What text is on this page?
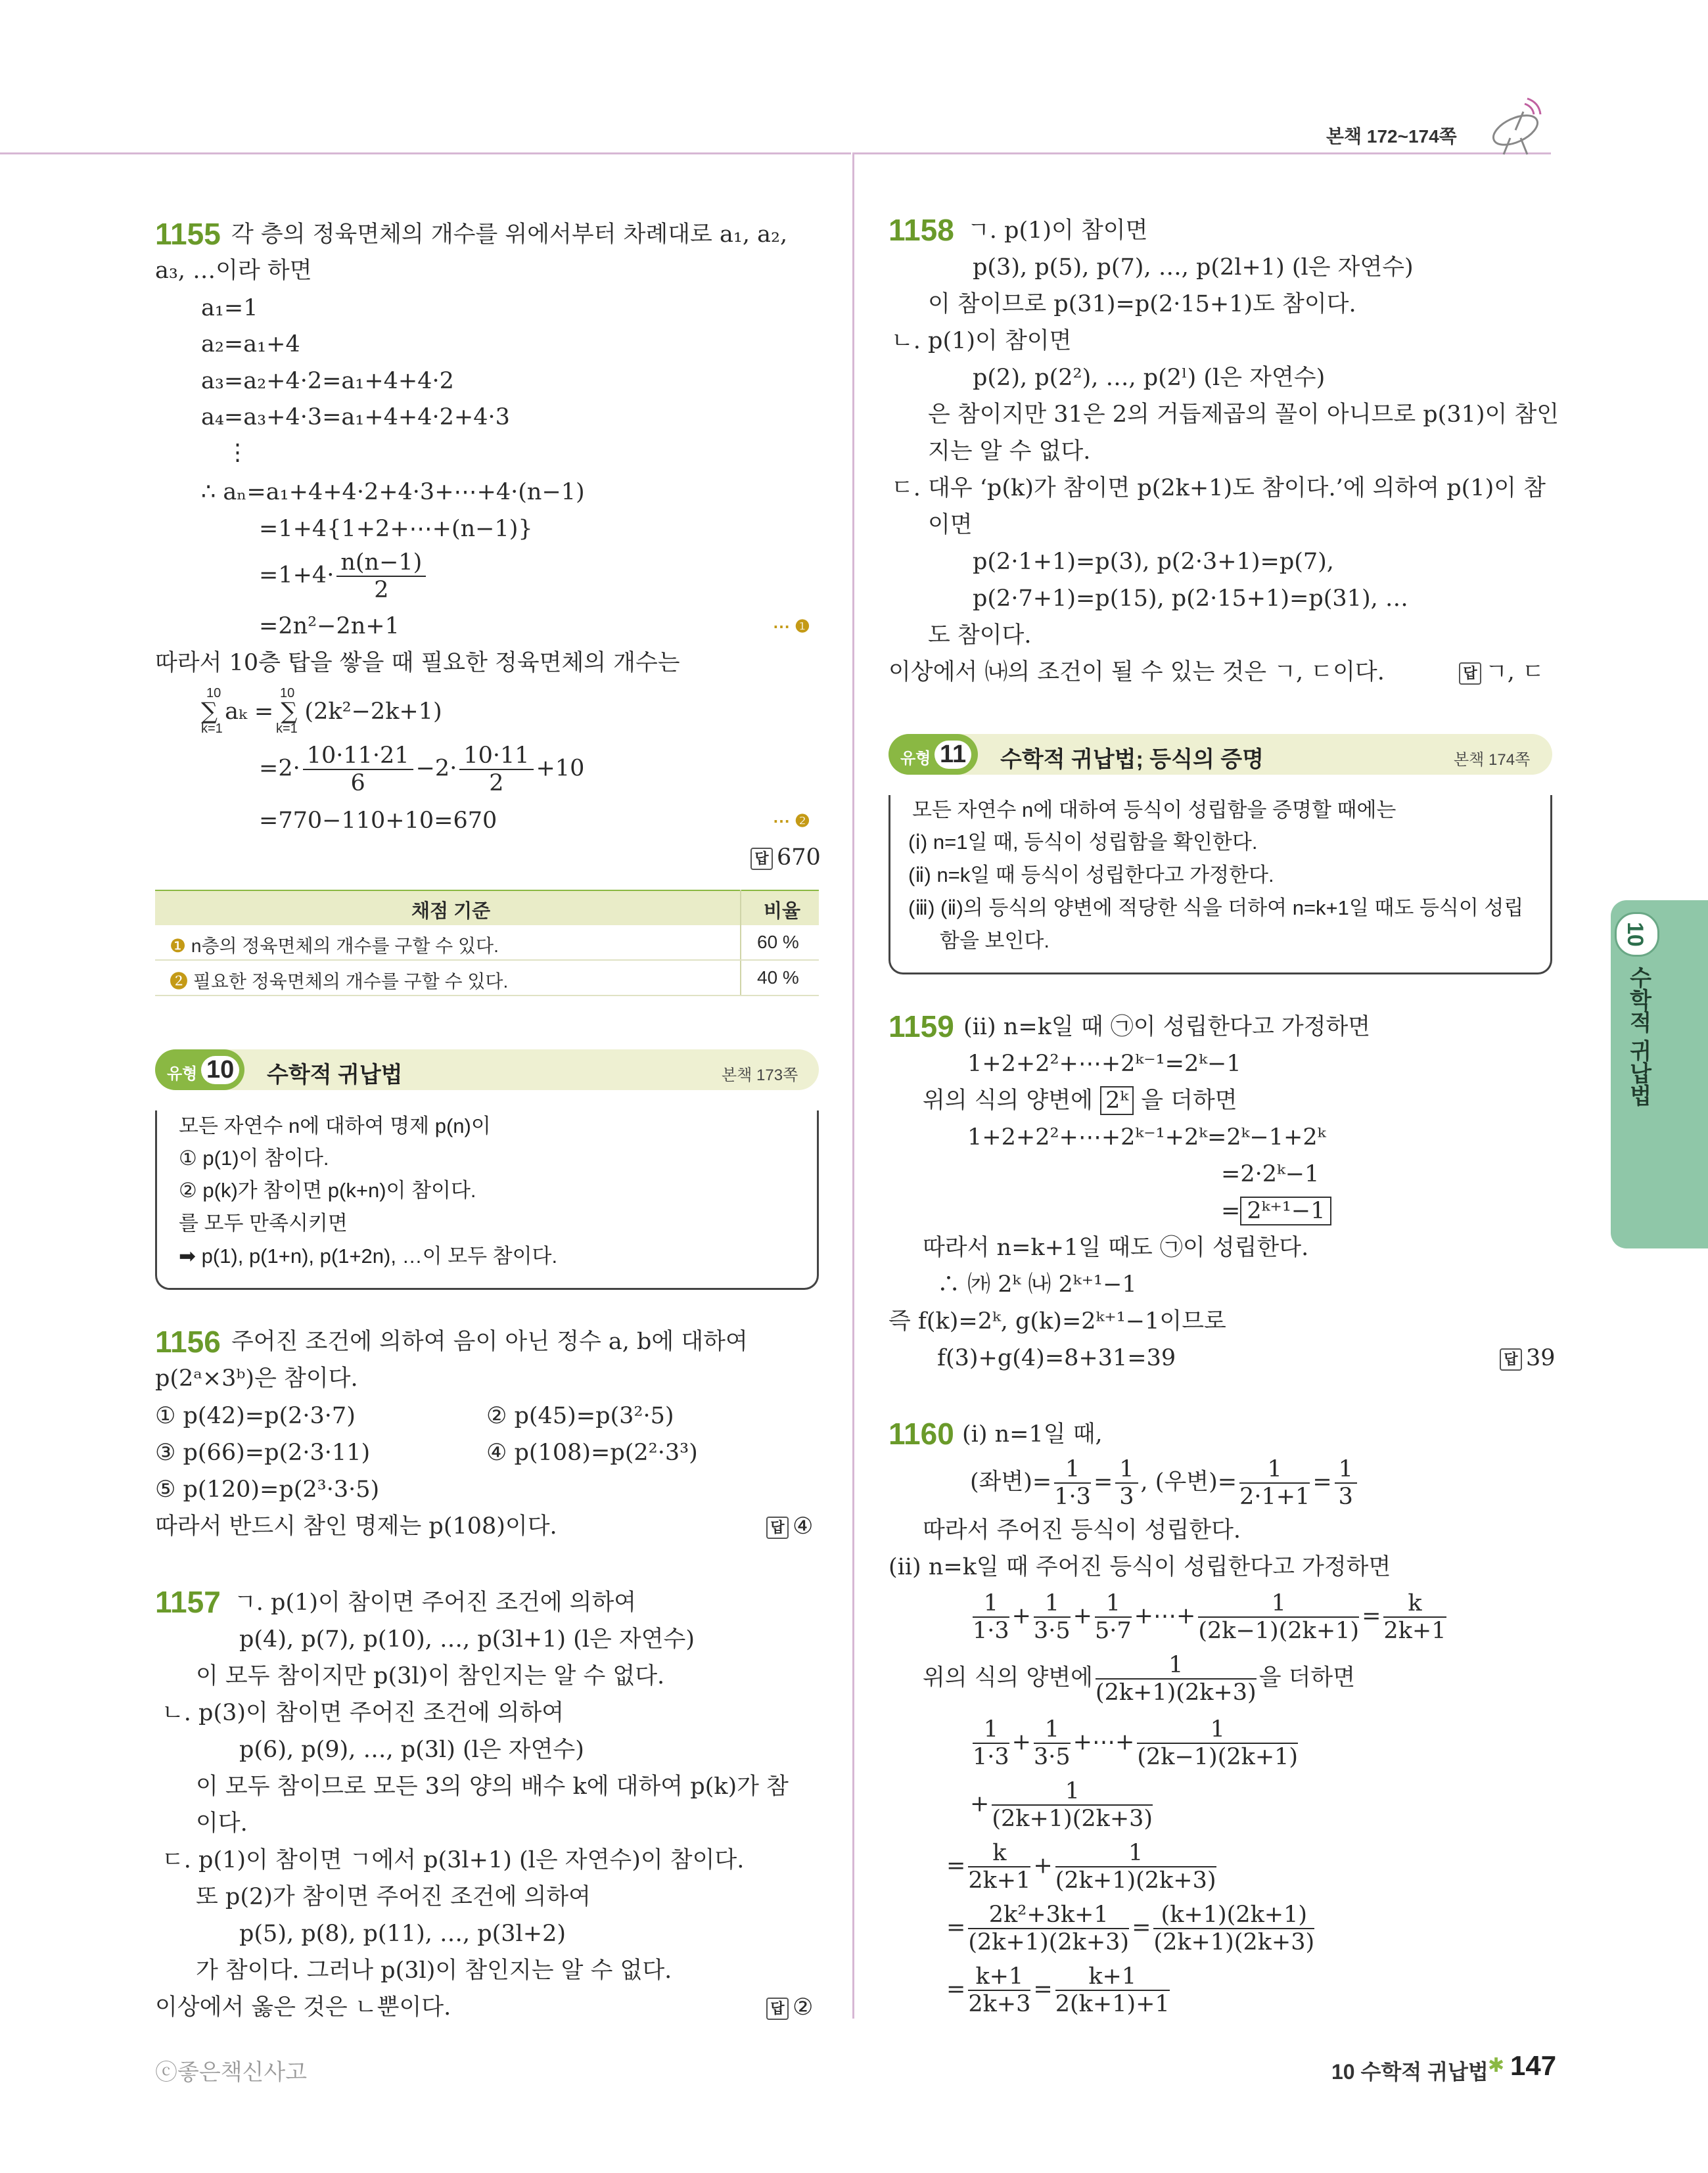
본책 172~174쪽
10
수학적 귀납법
1155 각 층의 정육면체의 개수를 위에서부터 차례대로 a₁, a₂,
a₃, …이라 하면
a₁=1
a₂=a₁+4
a₃=a₂+4·2=a₁+4+4·2
a₄=a₃+4·3=a₁+4+4·2+4·3
⋮
∴ aₙ=a₁+4+4·2+4·3+⋯+4·(n−1)
=1+4{1+2+⋯+(n−1)}
$=1+4\cdot \frac{n(n-1)}{2}$
=2n²−2n+1	⋯ ❶
따라서 10층 탑을 쌓을 때 필요한 정육면체의 개수는
10	10
∑ aₖ = ∑ (2k²−2k+1)
k=1	k=1
$=2\cdot \frac{10\cdot 11\cdot 21}{6} -2\cdot \frac{10\cdot 11}{2} +10$
=770−110+10=670	⋯ ❷
답 670
채점 기준	비율
❶ n층의 정육면체의 개수를 구할 수 있다.	60 %
❷ 필요한 정육면체의 개수를 구할 수 있다.	40 %
유형 10 수학적 귀납법	본책 173쪽
모든 자연수 n에 대하여 명제 p(n)이
① p(1)이 참이다.
② p(k)가 참이면 p(k+n)이 참이다.
를 모두 만족시키면
➡ p(1), p(1+n), p(1+2n), …이 모두 참이다.
1156 주어진 조건에 의하여 음이 아닌 정수 a, b에 대하여
p(2ᵃ×3ᵇ)은 참이다.
① p(42)=p(2·3·7)	② p(45)=p(3²·5)
③ p(66)=p(2·3·11)	④ p(108)=p(2²·3³)
⑤ p(120)=p(2³·3·5)
따라서 반드시 참인 명제는 p(108)이다.	답 ④
1157 ㄱ. p(1)이 참이면 주어진 조건에 의하여
p(4), p(7), p(10), …, p(3l+1) (l은 자연수)
이 모두 참이지만 p(3l)이 참인지는 알 수 없다.
ㄴ. p(3)이 참이면 주어진 조건에 의하여
p(6), p(9), …, p(3l) (l은 자연수)
이 모두 참이므로 모든 3의 양의 배수 k에 대하여 p(k)가 참
이다.
ㄷ. p(1)이 참이면 ㄱ에서 p(3l+1) (l은 자연수)이 참이다.
또 p(2)가 참이면 주어진 조건에 의하여
p(5), p(8), p(11), …, p(3l+2)
가 참이다. 그러나 p(3l)이 참인지는 알 수 없다.
이상에서 옳은 것은 ㄴ뿐이다.	답 ②
1158 ㄱ. p(1)이 참이면
p(3), p(5), p(7), …, p(2l+1) (l은 자연수)
이 참이므로 p(31)=p(2·15+1)도 참이다.
ㄴ. p(1)이 참이면
p(2), p(2²), …, p(2ˡ) (l은 자연수)
은 참이지만 31은 2의 거듭제곱의 꼴이 아니므로 p(31)이 참인
지는 알 수 없다.
ㄷ. 대우 ‘p(k)가 참이면 p(2k+1)도 참이다.’에 의하여 p(1)이 참
이면
p(2·1+1)=p(3), p(2·3+1)=p(7),
p(2·7+1)=p(15), p(2·15+1)=p(31), …
도 참이다.
이상에서 ㈏의 조건이 될 수 있는 것은 ㄱ, ㄷ이다.	답 ㄱ, ㄷ
유형 11 수학적 귀납법; 등식의 증명	본책 174쪽
모든 자연수 n에 대하여 등식이 성립함을 증명할 때에는
(ⅰ) n=1일 때, 등식이 성립함을 확인한다.
(ⅱ) n=k일 때 등식이 성립한다고 가정한다.
(ⅲ) (ⅱ)의 등식의 양변에 적당한 식을 더하여 n=k+1일 때도 등식이 성립
함을 보인다.
1159 (ⅱ) n=k일 때 ㉠이 성립한다고 가정하면
1+2+2²+⋯+2ᵏ⁻¹=2ᵏ−1
위의 식의 양변에 2ᵏ 을 더하면
1+2+2²+⋯+2ᵏ⁻¹+2ᵏ=2ᵏ−1+2ᵏ
=2·2ᵏ−1
= 2ᵏ⁺¹−1
따라서 n=k+1일 때도 ㉠이 성립한다.
∴ ㈎ 2ᵏ ㈏ 2ᵏ⁺¹−1
즉 f(k)=2ᵏ, g(k)=2ᵏ⁺¹−1이므로
f(3)+g(4)=8+31=39	답 39
1160 (ⅰ) n=1일 때,
(좌변)= $\frac{1}{1\cdot 3} = \frac{1}{3}$ , (우변)= $\frac{1}{2\cdot 1+1} = \frac{1}{3}$
따라서 주어진 등식이 성립한다.
(ⅱ) n=k일 때 주어진 등식이 성립한다고 가정하면
$\frac{1}{1\cdot 3} + \frac{1}{3\cdot 5} + \frac{1}{5\cdot 7}$ +⋯+ $\frac{1}{(2k-1)(2k+1)} = \frac{k}{2k+1}$
위의 식의 양변에 $\frac{1}{(2k+1)(2k+3)}$ 을 더하면
$\frac{1}{1\cdot 3} + \frac{1}{3\cdot 5}$ +⋯+ $\frac{1}{(2k-1)(2k+1)}$
+ $\frac{1}{(2k+1)(2k+3)}$
= $\frac{k}{2k+1} + \frac{1}{(2k+1)(2k+3)}$
= $\frac{\text{2k²+3k+1}}{(2k+1)(2k+3)} = \frac{(k+1)(2k+1)}{(2k+1)(2k+3)}$
= $\frac{k+1}{2k+3} = \frac{k+1}{2(k+1)+1}$
ⓒ좋은책신사고	10 수학적 귀납법 ✱ 147
